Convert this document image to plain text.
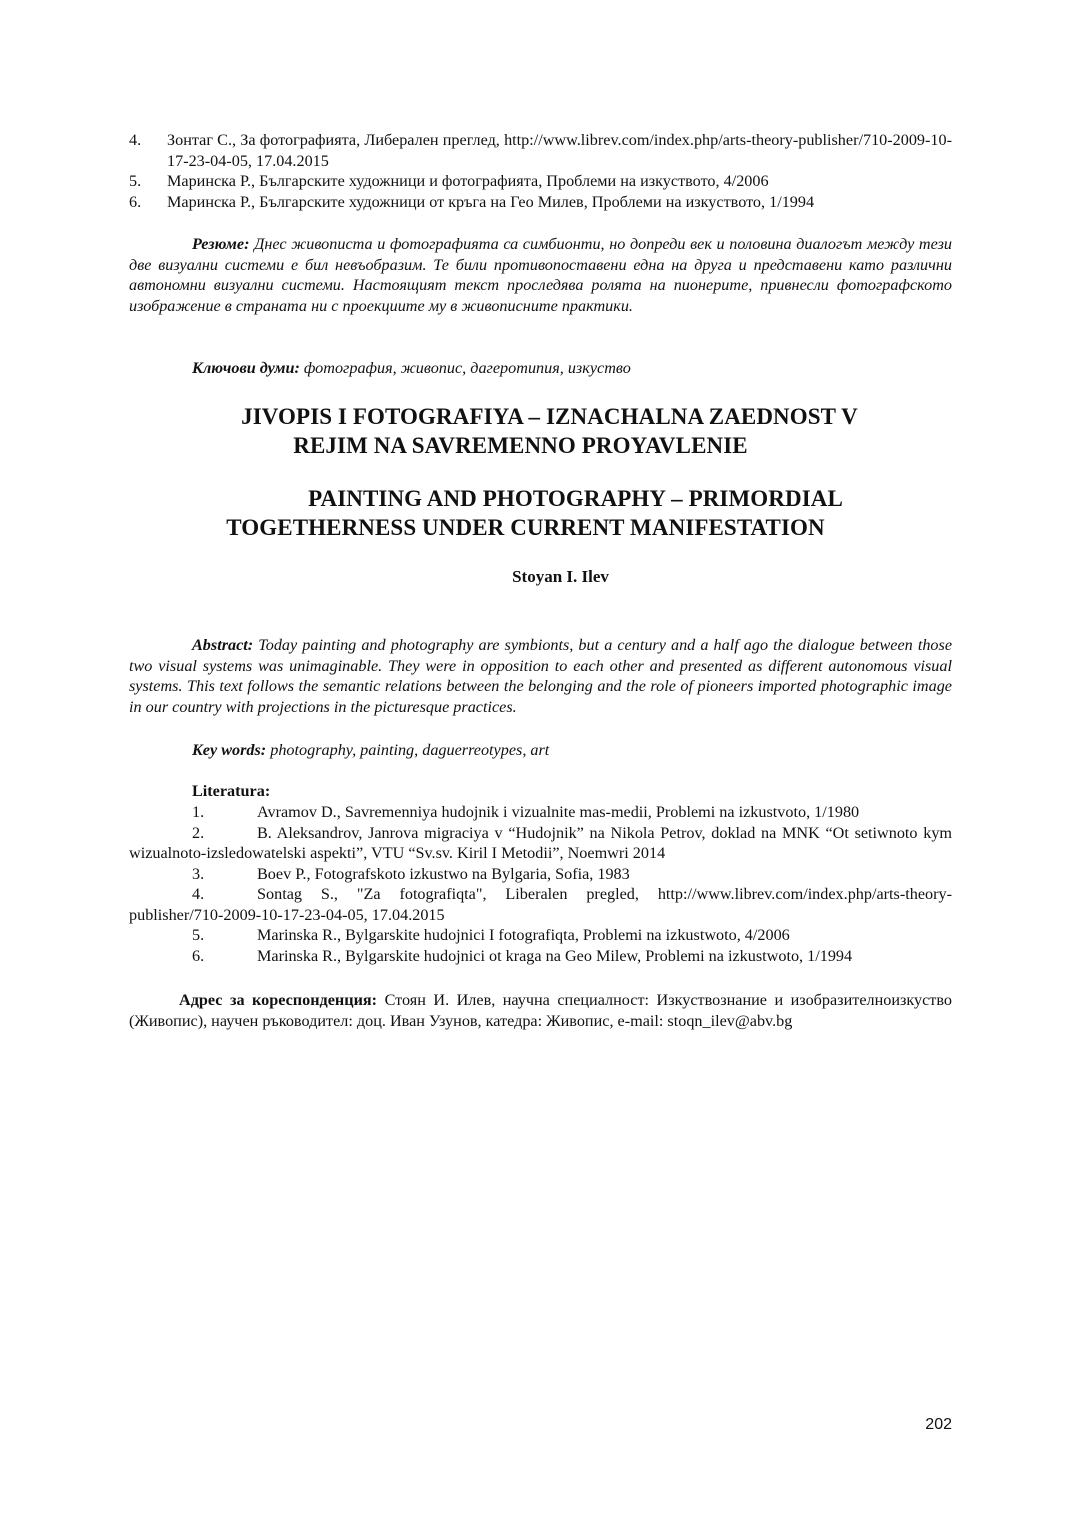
4. Зонтаг С., За фотографията, Либерален преглед, http://www.librev.com/index.php/arts-theory-publisher/710-2009-10-17-23-04-05, 17.04.2015
5. Маринска Р., Българските художници и фотографията, Проблеми на изкуството, 4/2006
6. Маринска Р., Българските художници от кръга на Гео Милев, Проблеми на изкуството, 1/1994
Резюме: Днес живописта и фотографията са симбионти, но допреди век и половина диалогът между тези две визуални системи е бил невъобразим. Те били противопоставени една на друга и представени като различни автономни визуални системи. Настоящият текст проследява ролята на пионерите, привнесли фотографското изображение в страната ни с проекциите му в живописните практики.
Ключови думи: фотография, живопис, дагеротипия, изкуство
JIVOPIS I FOTOGRAFIYA – IZNACHALNA ZAEDNOST V
REJIM NA SAVREMENNO PROYAVLENIE
PAINTING AND PHOTOGRAPHY – PRIMORDIAL
TOGETHERNESS UNDER CURRENT MANIFESTATION
Stoyan I. Ilev
Abstract: Today painting and photography are symbionts, but a century and a half ago the dialogue between those two visual systems was unimaginable. They were in opposition to each other and presented as different autonomous visual systems. This text follows the semantic relations between the belonging and the role of pioneers imported photographic image in our country with projections in the picturesque practices.
Key words: photography, painting, daguerreotypes, art
Literatura:
1.	Avramov D., Savremenniya hudojnik i vizualnite mas-medii, Problemi na izkustvoto, 1/1980
2.	B. Aleksandrov, Janrova migraciya v “Hudojnik” na Nikola Petrov, doklad na MNK “Ot setiwnoto kym wizualnoto-izsledowatelski aspekti”, VTU “Sv.sv. Kiril I Metodii”, Noemwri 2014
3.	Boev P., Fotografskoto izkustwo na Bylgaria, Sofia, 1983
4.	Sontag S., "Za fotografiqta", Liberalen pregled, http://www.librev.com/index.php/arts-theory-publisher/710-2009-10-17-23-04-05, 17.04.2015
5.	Marinska R., Bylgarskite hudojnici I fotografiqta, Problemi na izkustwoto, 4/2006
6.	Marinska R., Bylgarskite hudojnici ot kraga na Geo Milew, Problemi na izkustwoto, 1/1994
Адрес за кореспонденция: Стоян И. Илев, научна специалност: Изкуствознание и изобразителноизкуство (Живопис), научен ръководител: доц. Иван Узунов, катедра: Живопис, e-mail: stoqn_ilev@abv.bg
202
